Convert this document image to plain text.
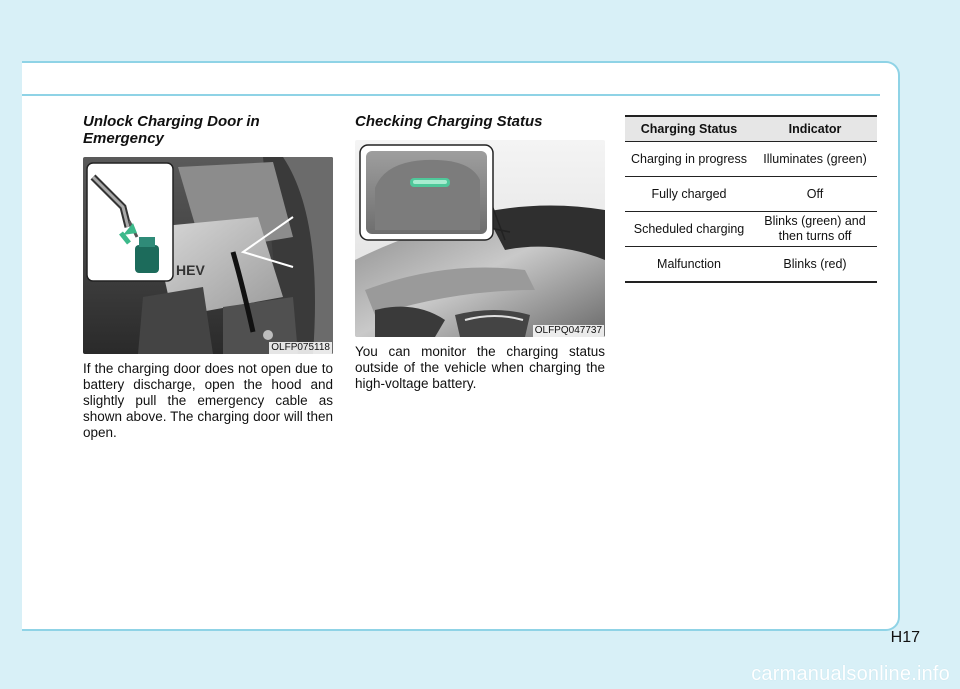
Unlock Charging Door in Emergency
HEV
OLFP075118

If the charging door does not open due to battery discharge, open the hood and slightly pull the emergency cable as shown above. The charging door will then open.

Checking Charging Status
OLFPQ047737

You can monitor the charging status outside of the vehicle when charging the high-voltage battery.

Charging Status	Indicator
Charging in progress	Illuminates (green)
Fully charged	Off
Scheduled charging	Blinks (green) and then turns off
Malfunction	Blinks (red)
H17
carmanualsonline.info
